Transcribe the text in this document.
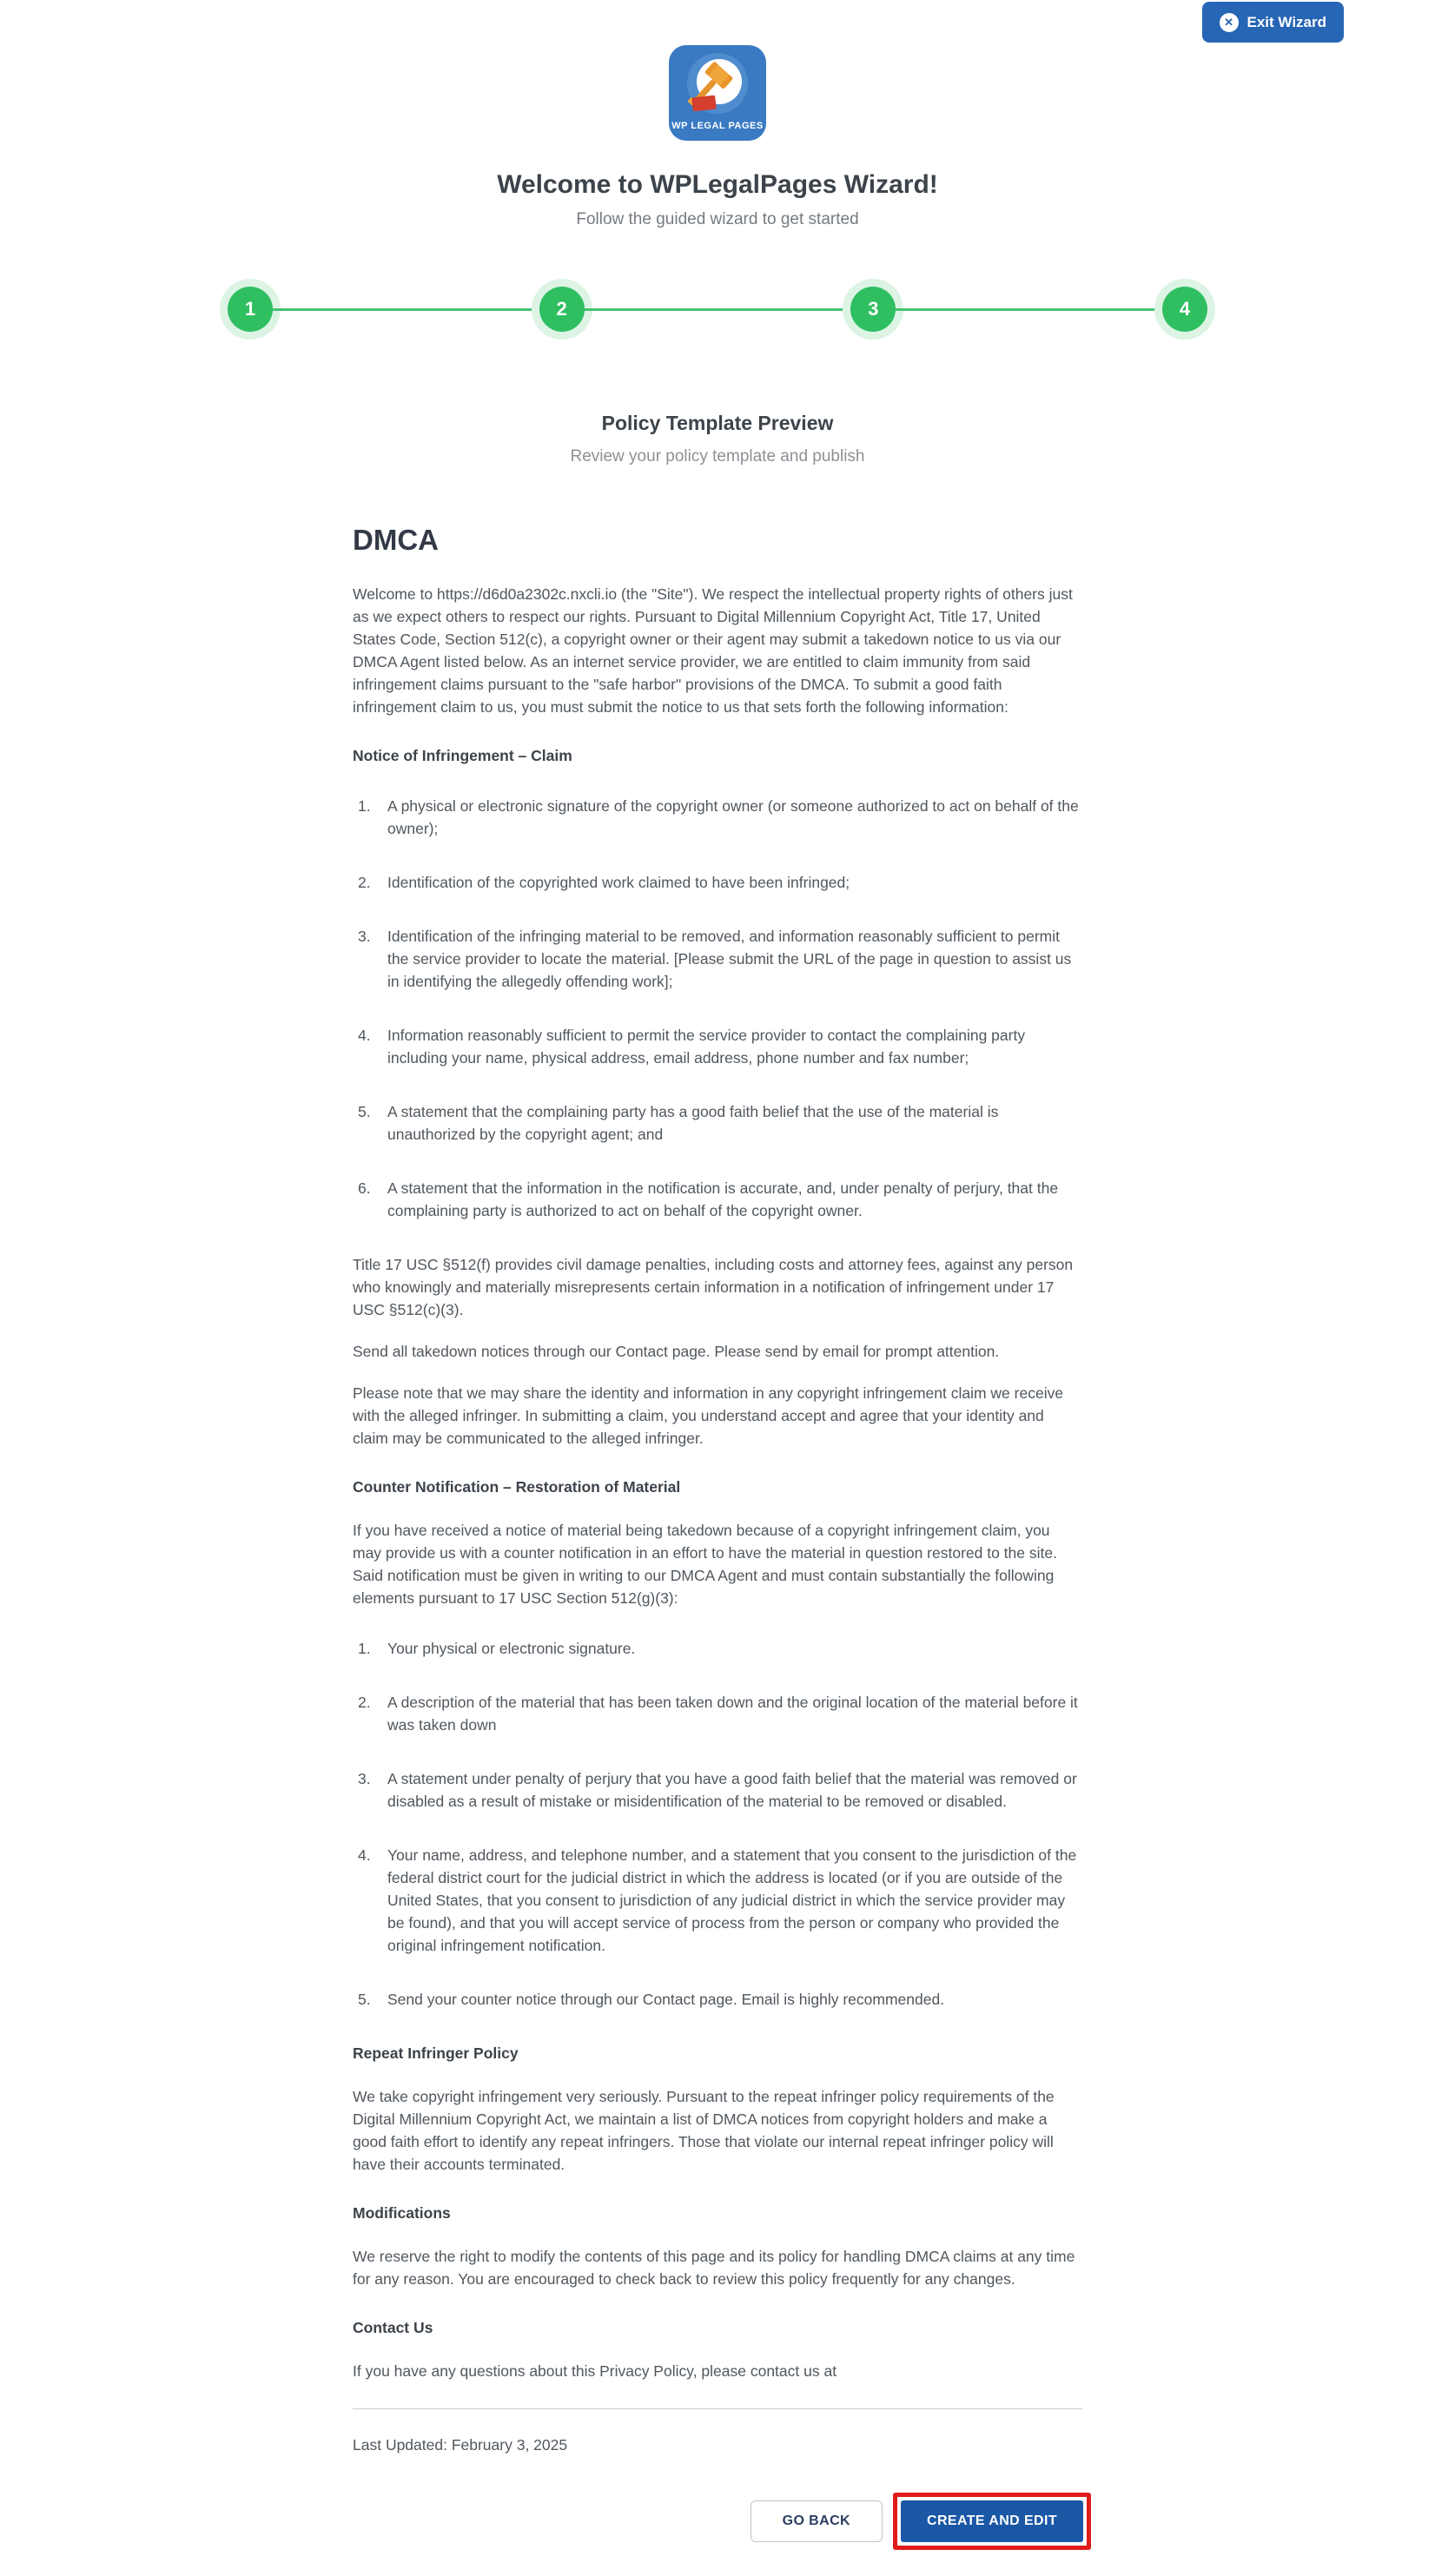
✕ Exit Wizard
WP LEGAL PAGES
Welcome to WPLegalPages Wizard!
Follow the guided wizard to get started
1	2	3	4
Policy Template Preview
Review your policy template and publish
DMCA

Welcome to https://d6d0a2302c.nxcli.io (the "Site"). We respect the intellectual property rights of others just as we expect others to respect our rights. Pursuant to Digital Millennium Copyright Act, Title 17, United States Code, Section 512(c), a copyright owner or their agent may submit a takedown notice to us via our DMCA Agent listed below. As an internet service provider, we are entitled to claim immunity from said infringement claims pursuant to the "safe harbor" provisions of the DMCA. To submit a good faith infringement claim to us, you must submit the notice to us that sets forth the following information:

Notice of Infringement – Claim
1.	A physical or electronic signature of the copyright owner (or someone authorized to act on behalf of the owner);
2.	Identification of the copyrighted work claimed to have been infringed;
3.	Identification of the infringing material to be removed, and information reasonably sufficient to permit the service provider to locate the material. [Please submit the URL of the page in question to assist us in identifying the allegedly offending work];
4.	Information reasonably sufficient to permit the service provider to contact the complaining party including your name, physical address, email address, phone number and fax number;
5.	A statement that the complaining party has a good faith belief that the use of the material is unauthorized by the copyright agent; and
6.	A statement that the information in the notification is accurate, and, under penalty of perjury, that the complaining party is authorized to act on behalf of the copyright owner.

Title 17 USC §512(f) provides civil damage penalties, including costs and attorney fees, against any person who knowingly and materially misrepresents certain information in a notification of infringement under 17 USC §512(c)(3).

Send all takedown notices through our Contact page. Please send by email for prompt attention.

Please note that we may share the identity and information in any copyright infringement claim we receive with the alleged infringer. In submitting a claim, you understand accept and agree that your identity and claim may be communicated to the alleged infringer.

Counter Notification – Restoration of Material

If you have received a notice of material being takedown because of a copyright infringement claim, you may provide us with a counter notification in an effort to have the material in question restored to the site. Said notification must be given in writing to our DMCA Agent and must contain substantially the following elements pursuant to 17 USC Section 512(g)(3):

1.	Your physical or electronic signature.
2.	A description of the material that has been taken down and the original location of the material before it was taken down
3.	A statement under penalty of perjury that you have a good faith belief that the material was removed or disabled as a result of mistake or misidentification of the material to be removed or disabled.
4.	Your name, address, and telephone number, and a statement that you consent to the jurisdiction of the federal district court for the judicial district in which the address is located (or if you are outside of the United States, that you consent to jurisdiction of any judicial district in which the service provider may be found), and that you will accept service of process from the person or company who provided the original infringement notification.
5.	Send your counter notice through our Contact page. Email is highly recommended.
Repeat Infringer Policy

We take copyright infringement very seriously. Pursuant to the repeat infringer policy requirements of the Digital Millennium Copyright Act, we maintain a list of DMCA notices from copyright holders and make a good faith effort to identify any repeat infringers. Those that violate our internal repeat infringer policy will have their accounts terminated.

Modifications

We reserve the right to modify the contents of this page and its policy for handling DMCA claims at any time for any reason. You are encouraged to check back to review this policy frequently for any changes.

Contact Us

If you have any questions about this Privacy Policy, please contact us at

Last Updated: February 3, 2025
GO BACK	CREATE AND EDIT
